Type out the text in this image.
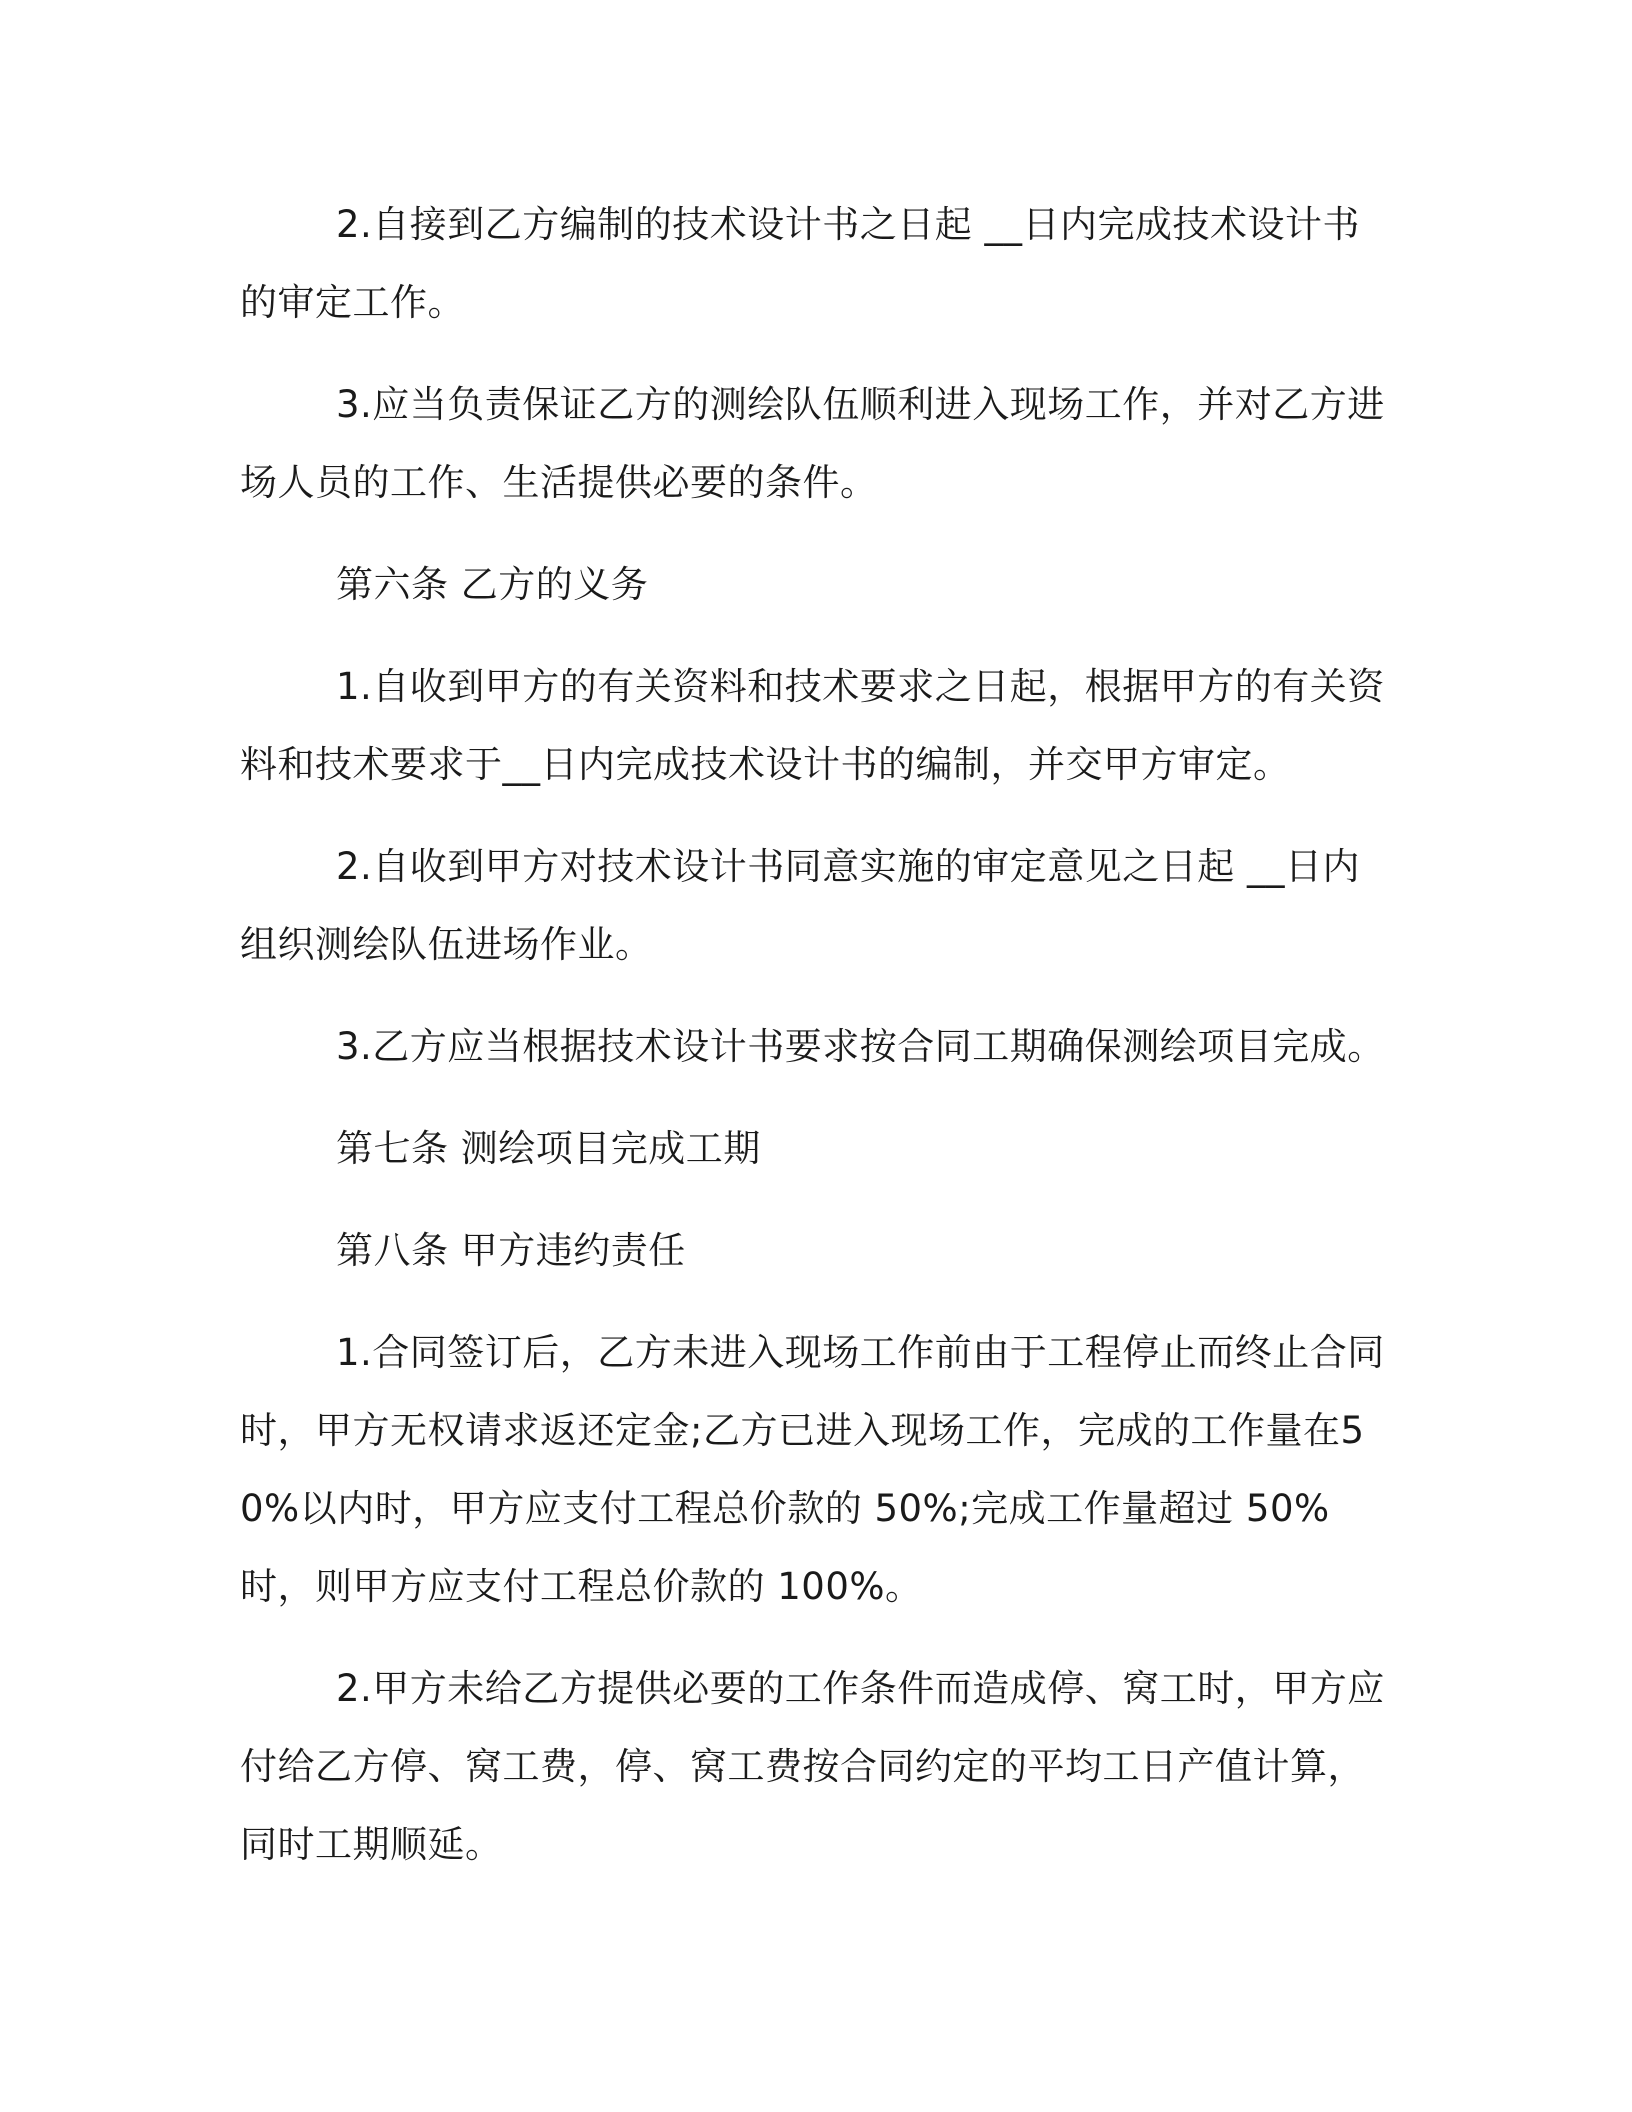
2.自接到乙方编制的技术设计书之日起 __日内完成技术设计书的审定工作。

3.应当负责保证乙方的测绘队伍顺利进入现场工作，并对乙方进场人员的工作、生活提供必要的条件。

第六条 乙方的义务

1.自收到甲方的有关资料和技术要求之日起，根据甲方的有关资料和技术要求于__日内完成技术设计书的编制，并交甲方审定。

2.自收到甲方对技术设计书同意实施的审定意见之日起 __日内组织测绘队伍进场作业。

3.乙方应当根据技术设计书要求按合同工期确保测绘项目完成。

第七条 测绘项目完成工期

第八条 甲方违约责任

1.合同签订后，乙方未进入现场工作前由于工程停止而终止合同时，甲方无权请求返还定金;乙方已进入现场工作，完成的工作量在50%以内时，甲方应支付工程总价款的 50%;完成工作量超过 50%时，则甲方应支付工程总价款的 100%。

2.甲方未给乙方提供必要的工作条件而造成停、窝工时，甲方应付给乙方停、窝工费，停、窝工费按合同约定的平均工日产值计算，同时工期顺延。
